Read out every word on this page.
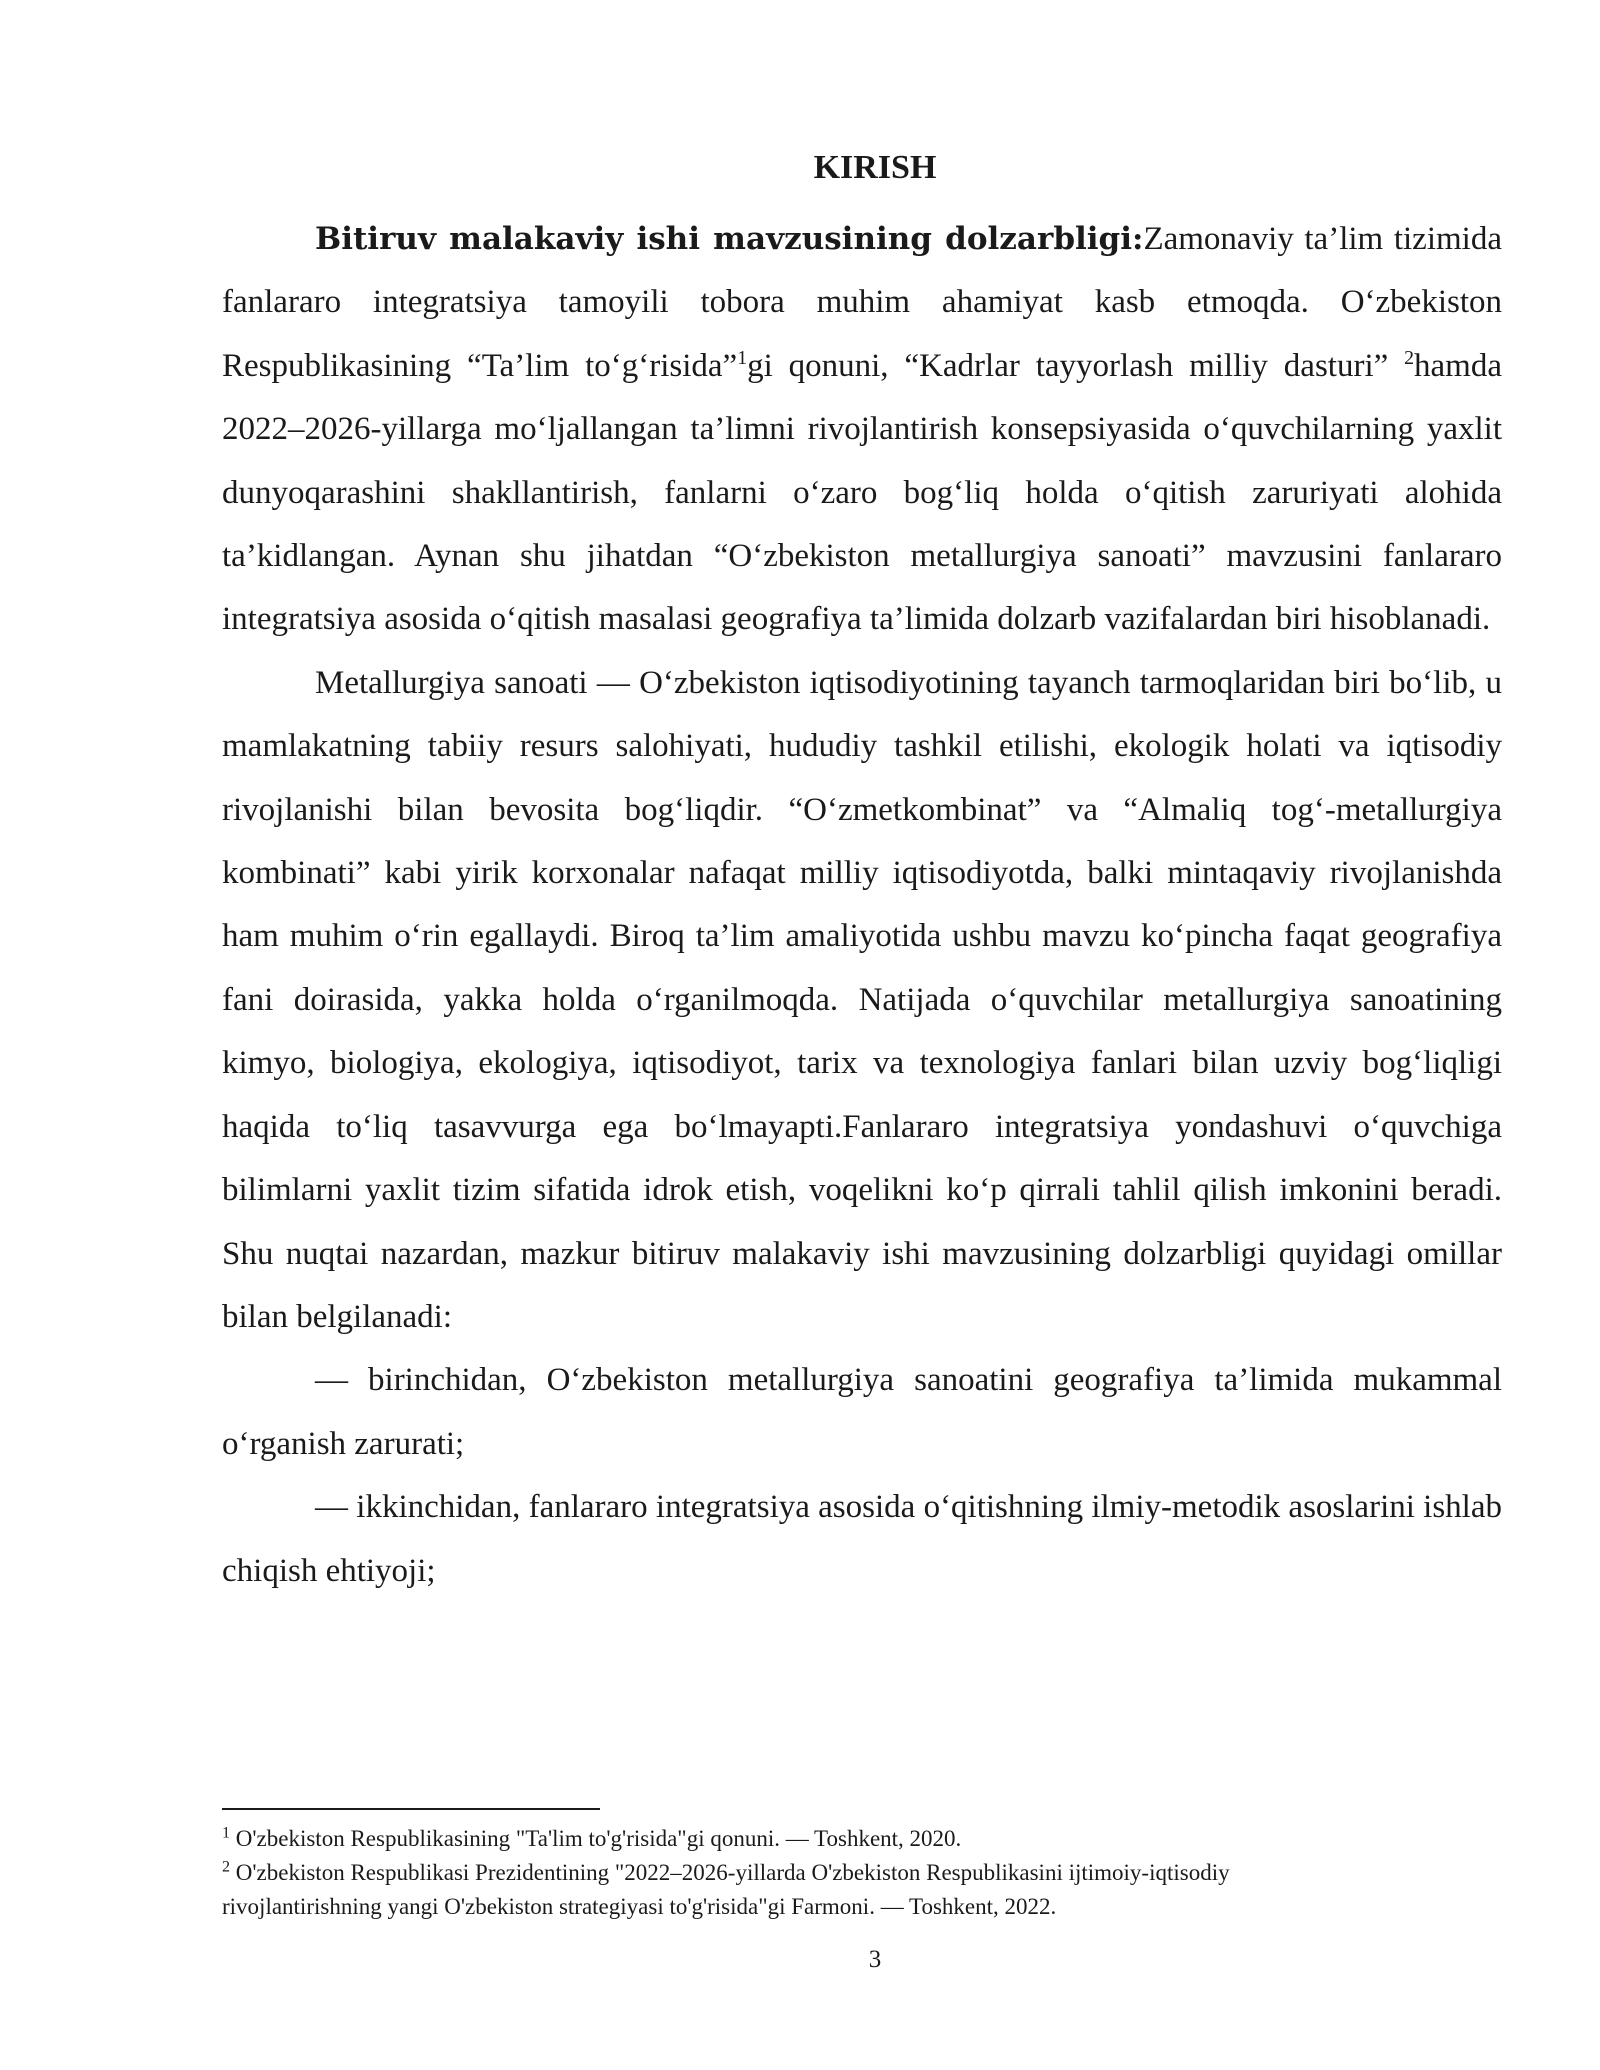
KIRISH

Bitiruv malakaviy ishi mavzusining dolzarbligi:Zamonaviy ta’lim tizimida fanlararo integratsiya tamoyili tobora muhim ahamiyat kasb etmoqda. O‘zbekiston Respublikasining “Ta’lim to‘g‘risida”$^1$gi qonuni, “Kadrlar tayyorlash milliy dasturi” $^2$hamda 2022–2026-yillarga mo‘ljallangan ta’limni rivojlantirish konsepsiyasida o‘quvchilarning yaxlit dunyoqarashini shakllantirish, fanlarni o‘zaro bog‘liq holda o‘qitish zaruriyati alohida ta’kidlangan. Aynan shu jihatdan “O‘zbekiston metallurgiya sanoati” mavzusini fanlararo integratsiya asosida o‘qitish masalasi geografiya ta’limida dolzarb vazifalardan biri hisoblanadi.

Metallurgiya sanoati — O‘zbekiston iqtisodiyotining tayanch tarmoqlaridan biri bo‘lib, u mamlakatning tabiiy resurs salohiyati, hududiy tashkil etilishi, ekologik holati va iqtisodiy rivojlanishi bilan bevosita bog‘liqdir. “O‘zmetkombinat” va “Almaliq tog‘-metallurgiya kombinati” kabi yirik korxonalar nafaqat milliy iqtisodiyotda, balki mintaqaviy rivojlanishda ham muhim o‘rin egallaydi. Biroq ta’lim amaliyotida ushbu mavzu ko‘pincha faqat geografiya fani doirasida, yakka holda o‘rganilmoqda. Natijada o‘quvchilar metallurgiya sanoatining kimyo, biologiya, ekologiya, iqtisodiyot, tarix va texnologiya fanlari bilan uzviy bog‘liqligi haqida to‘liq tasavvurga ega bo‘lmayapti.Fanlararo integratsiya yondashuvi o‘quvchiga bilimlarni yaxlit tizim sifatida idrok etish, voqelikni ko‘p qirrali tahlil qilish imkonini beradi. Shu nuqtai nazardan, mazkur bitiruv malakaviy ishi mavzusining dolzarbligi quyidagi omillar bilan belgilanadi:

— birinchidan, O‘zbekiston metallurgiya sanoatini geografiya ta’limida mukammal o‘rganish zarurati;

— ikkinchidan, fanlararo integratsiya asosida o‘qitishning ilmiy-metodik asoslarini ishlab chiqish ehtiyoji;

$^1$ O'zbekiston Respublikasining "Ta'lim to'g'risida"gi qonuni. — Toshkent, 2020.

$^2$ O'zbekiston Respublikasi Prezidentining "2022–2026-yillarda O'zbekiston Respublikasini ijtimoiy-iqtisodiy rivojlantirishning yangi O'zbekiston strategiyasi to'g'risida"gi Farmoni. — Toshkent, 2022.

3
